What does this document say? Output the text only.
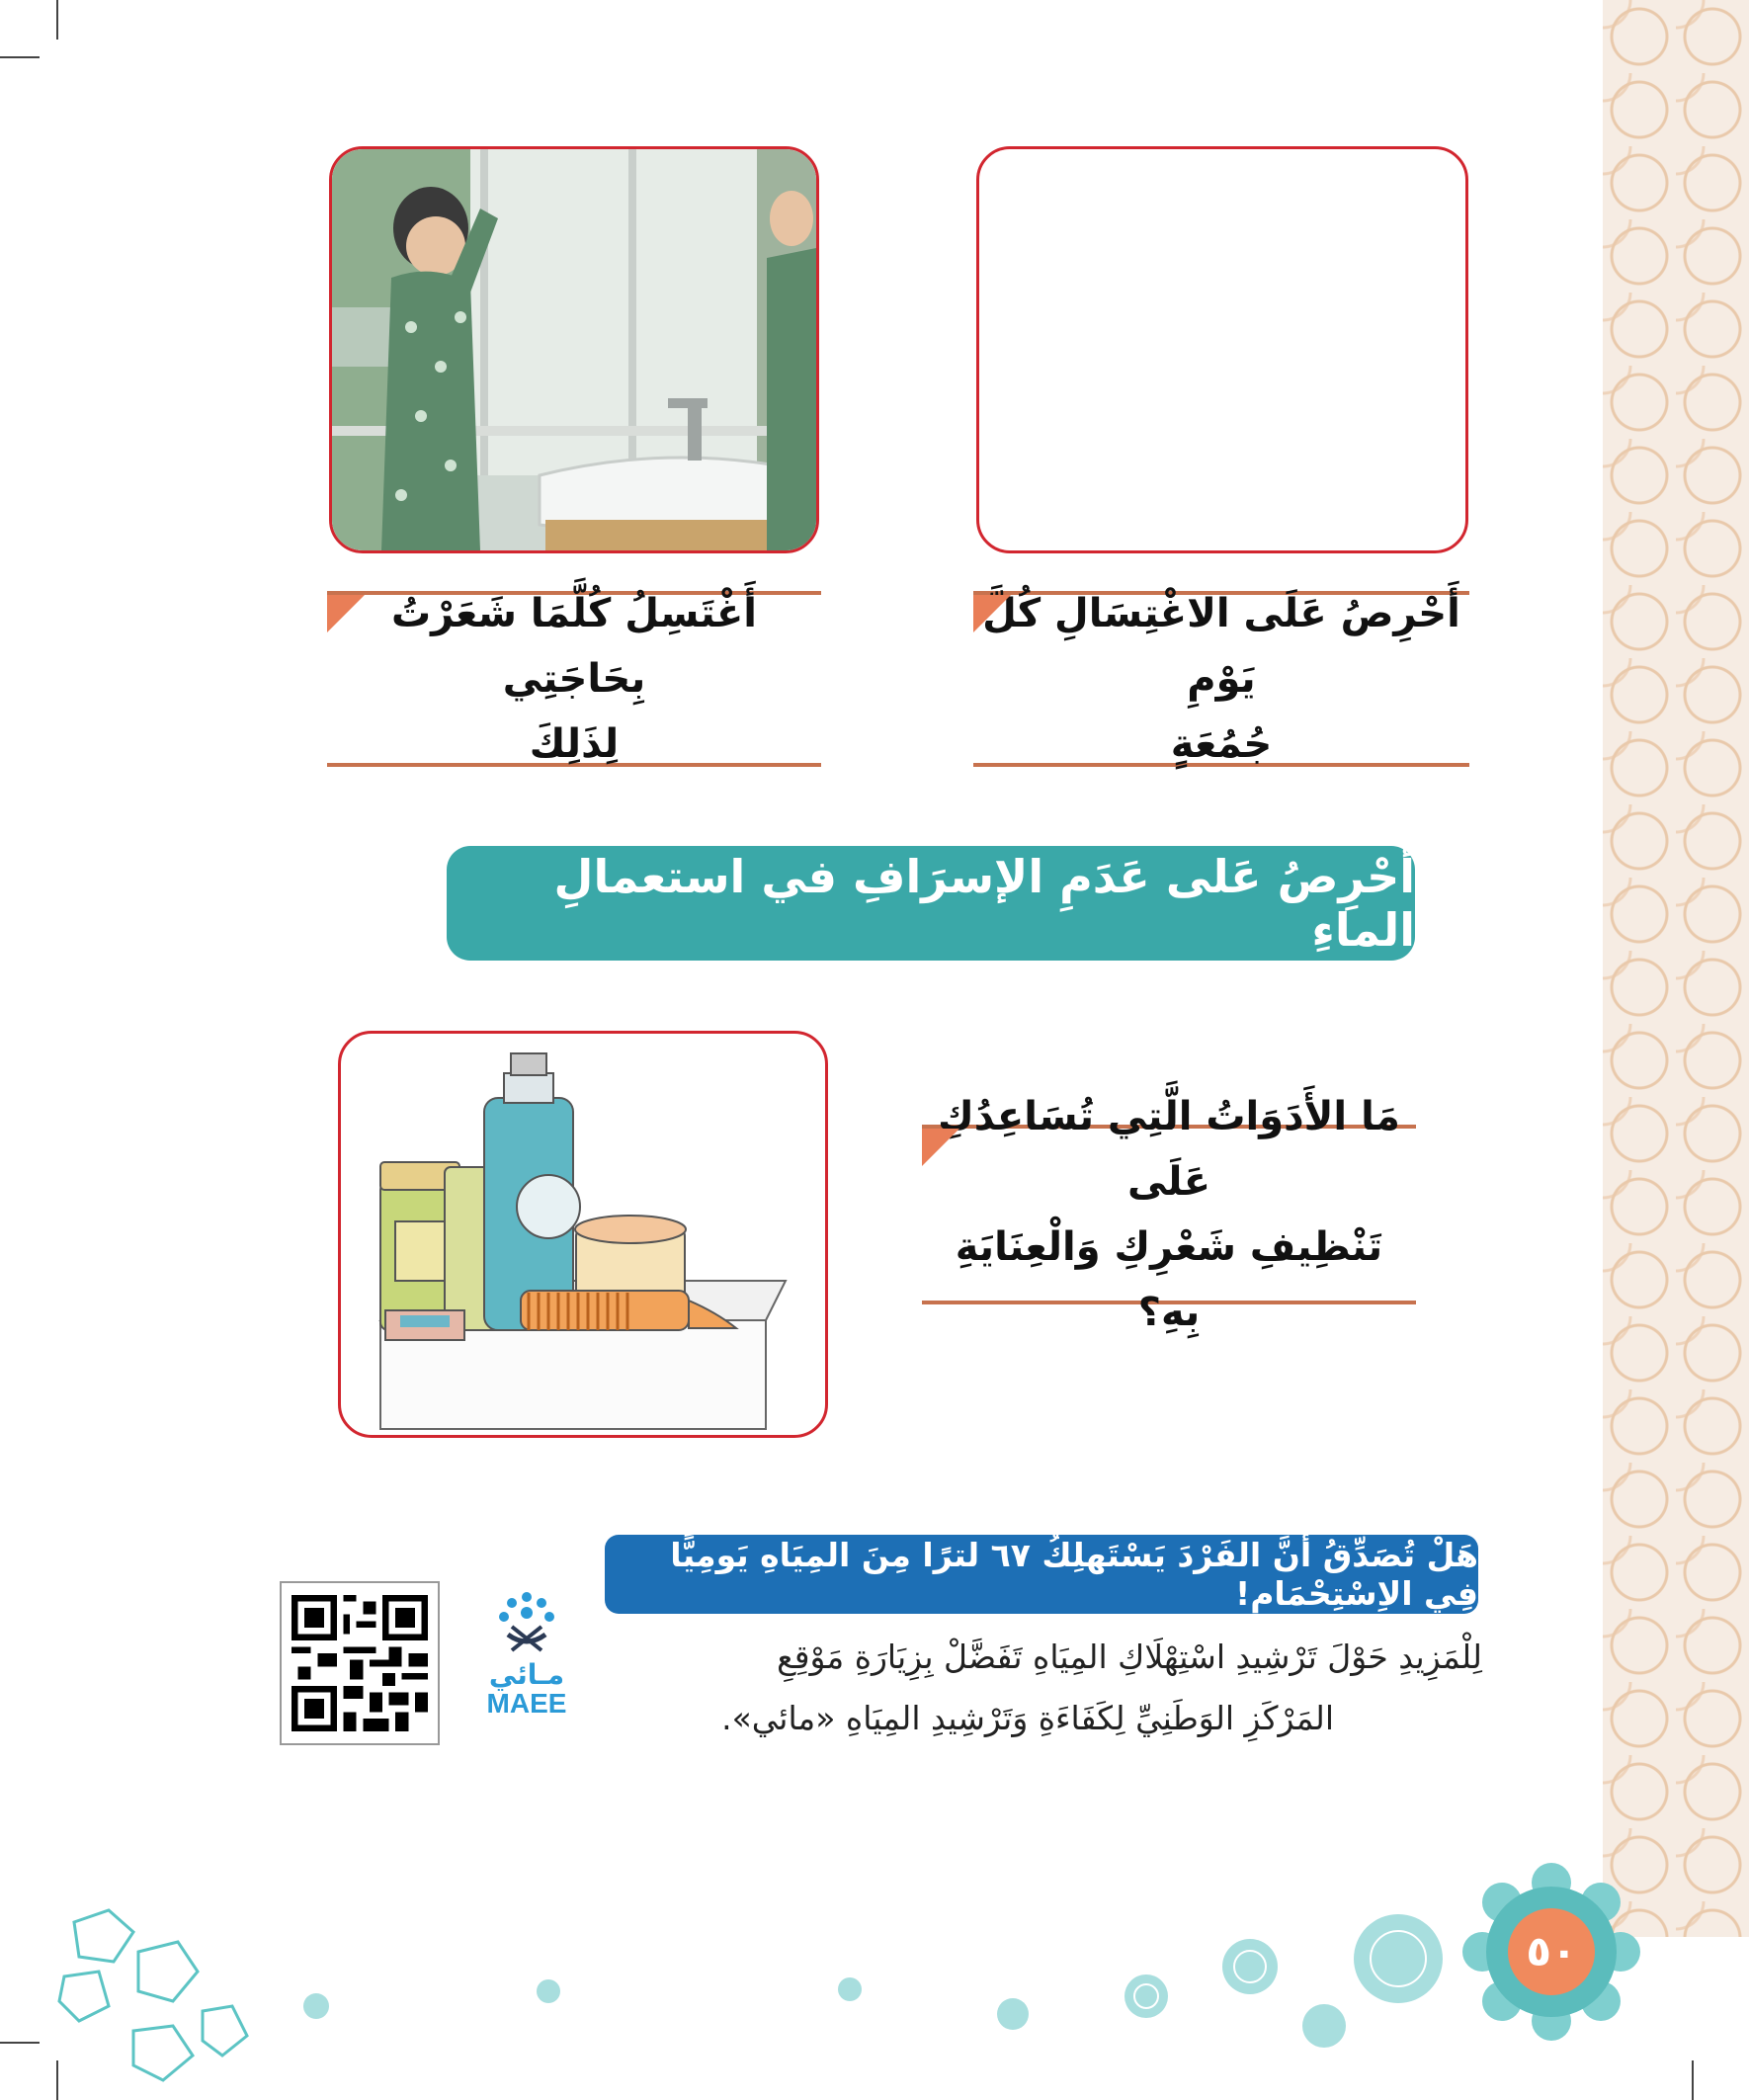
أَحْرِصُ عَلَى الاغْتِسَالِ كُلَّ يَوْمِ
جُمُعَةٍ
أَغْتَسِلُ كُلَّمَا شَعَرْتُ بِحَاجَتِي
لِذَلِكَ
أَحْرِصُ عَلى عَدَمِ الإسرَافِ في استعمالِ الماءِ
مَا الأَدَوَاتُ الَّتِي تُسَاعِدُكِ عَلَى
تَنْظِيفِ شَعْرِكِ وَالْعِنَايَةِ بِهِ؟
هَلْ تُصَدِّقُ أَنَّ الفَرْدَ يَسْتَهلِكُ ٦٧ لترًا مِنَ المِيَاهِ يَومِيًّا فِي الاِسْتِحْمَامِ!
لِلْمَزِيدِ حَوْلَ تَرْشِيدِ اسْتِهْلَاكِ المِيَاهِ تَفَضَّلْ بِزِيَارَةِ مَوْقِعِ
المَرْكَزِ الوَطَنِيِّ لِكَفَاءَةِ وَتَرْشِيدِ المِيَاهِ «مائي».
مـائي
MAEE
٥٠
